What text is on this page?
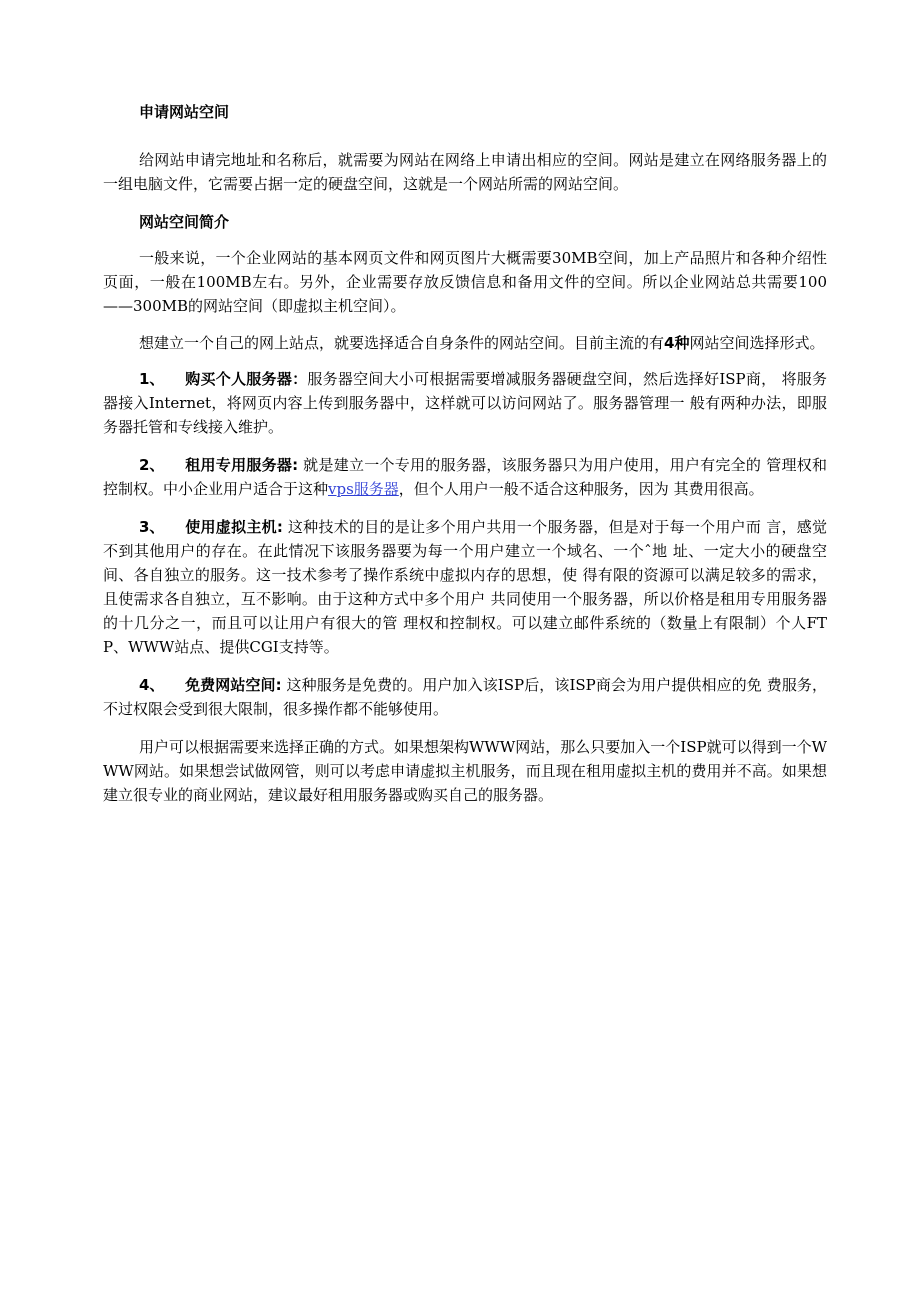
申请网站空间

给网站申请完地址和名称后，就需要为网站在网络上申请出相应的空间。网站是建立在网络服务器上的一组电脑文件，它需要占据一定的硬盘空间，这就是一个网站所需的网站空间。

网站空间简介

一般来说，一个企业网站的基本网页文件和网页图片大概需要30MB空间，加上产品照片和各种介绍性页面，一般在100MB左右。另外，企业需要存放反馈信息和备用文件的空间。所以企业网站总共需要100 ——300MB的网站空间（即虚拟主机空间）。

想建立一个自己的网上站点，就要选择适合自身条件的网站空间。目前主流的有4种网站空间选择形式。

1、 购买个人服务器：服务器空间大小可根据需要增减服务器硬盘空间，然后选择好ISP商， 将服务器接入Internet，将网页内容上传到服务器中，这样就可以访问网站了。服务器管理一 般有两种办法，即服务器托管和专线接入维护。

2、 租用专用服务器: 就是建立一个专用的服务器，该服务器只为用户使用，用户有完全的 管理权和控制权。中小企业用户适合于这种vps服务器，但个人用户一般不适合这种服务，因为 其费用很高。

3、 使用虚拟主机: 这种技术的目的是让多个用户共用一个服务器，但是对于每一个用户而 言，感觉不到其他用户的存在。在此情况下该服务器要为每一个用户建立一个域名、一个ˆ地 址、一定大小的硬盘空间、各自独立的服务。这一技术参考了操作系统中虚拟内存的思想，使 得有限的资源可以满足较多的需求，且使需求各自独立，互不影响。由于这种方式中多个用户 共同使用一个服务器，所以价格是租用专用服务器的十几分之一，而且可以让用户有很大的管 理权和控制权。可以建立邮件系统的（数量上有限制）个人FTP、WWW站点、提供CGI支持等。

4、 免费网站空间: 这种服务是免费的。用户加入该ISP后，该ISP商会为用户提供相应的免 费服务，不过权限会受到很大限制，很多操作都不能够使用。

用户可以根据需要来选择正确的方式。如果想架构WWW网站，那么只要加入一个ISP就可以得到一个WWW网站。如果想尝试做网管，则可以考虑申请虚拟主机服务，而且现在租用虚拟主机的费用并不高。如果想建立很专业的商业网站，建议最好租用服务器或购买自己的服务器。
